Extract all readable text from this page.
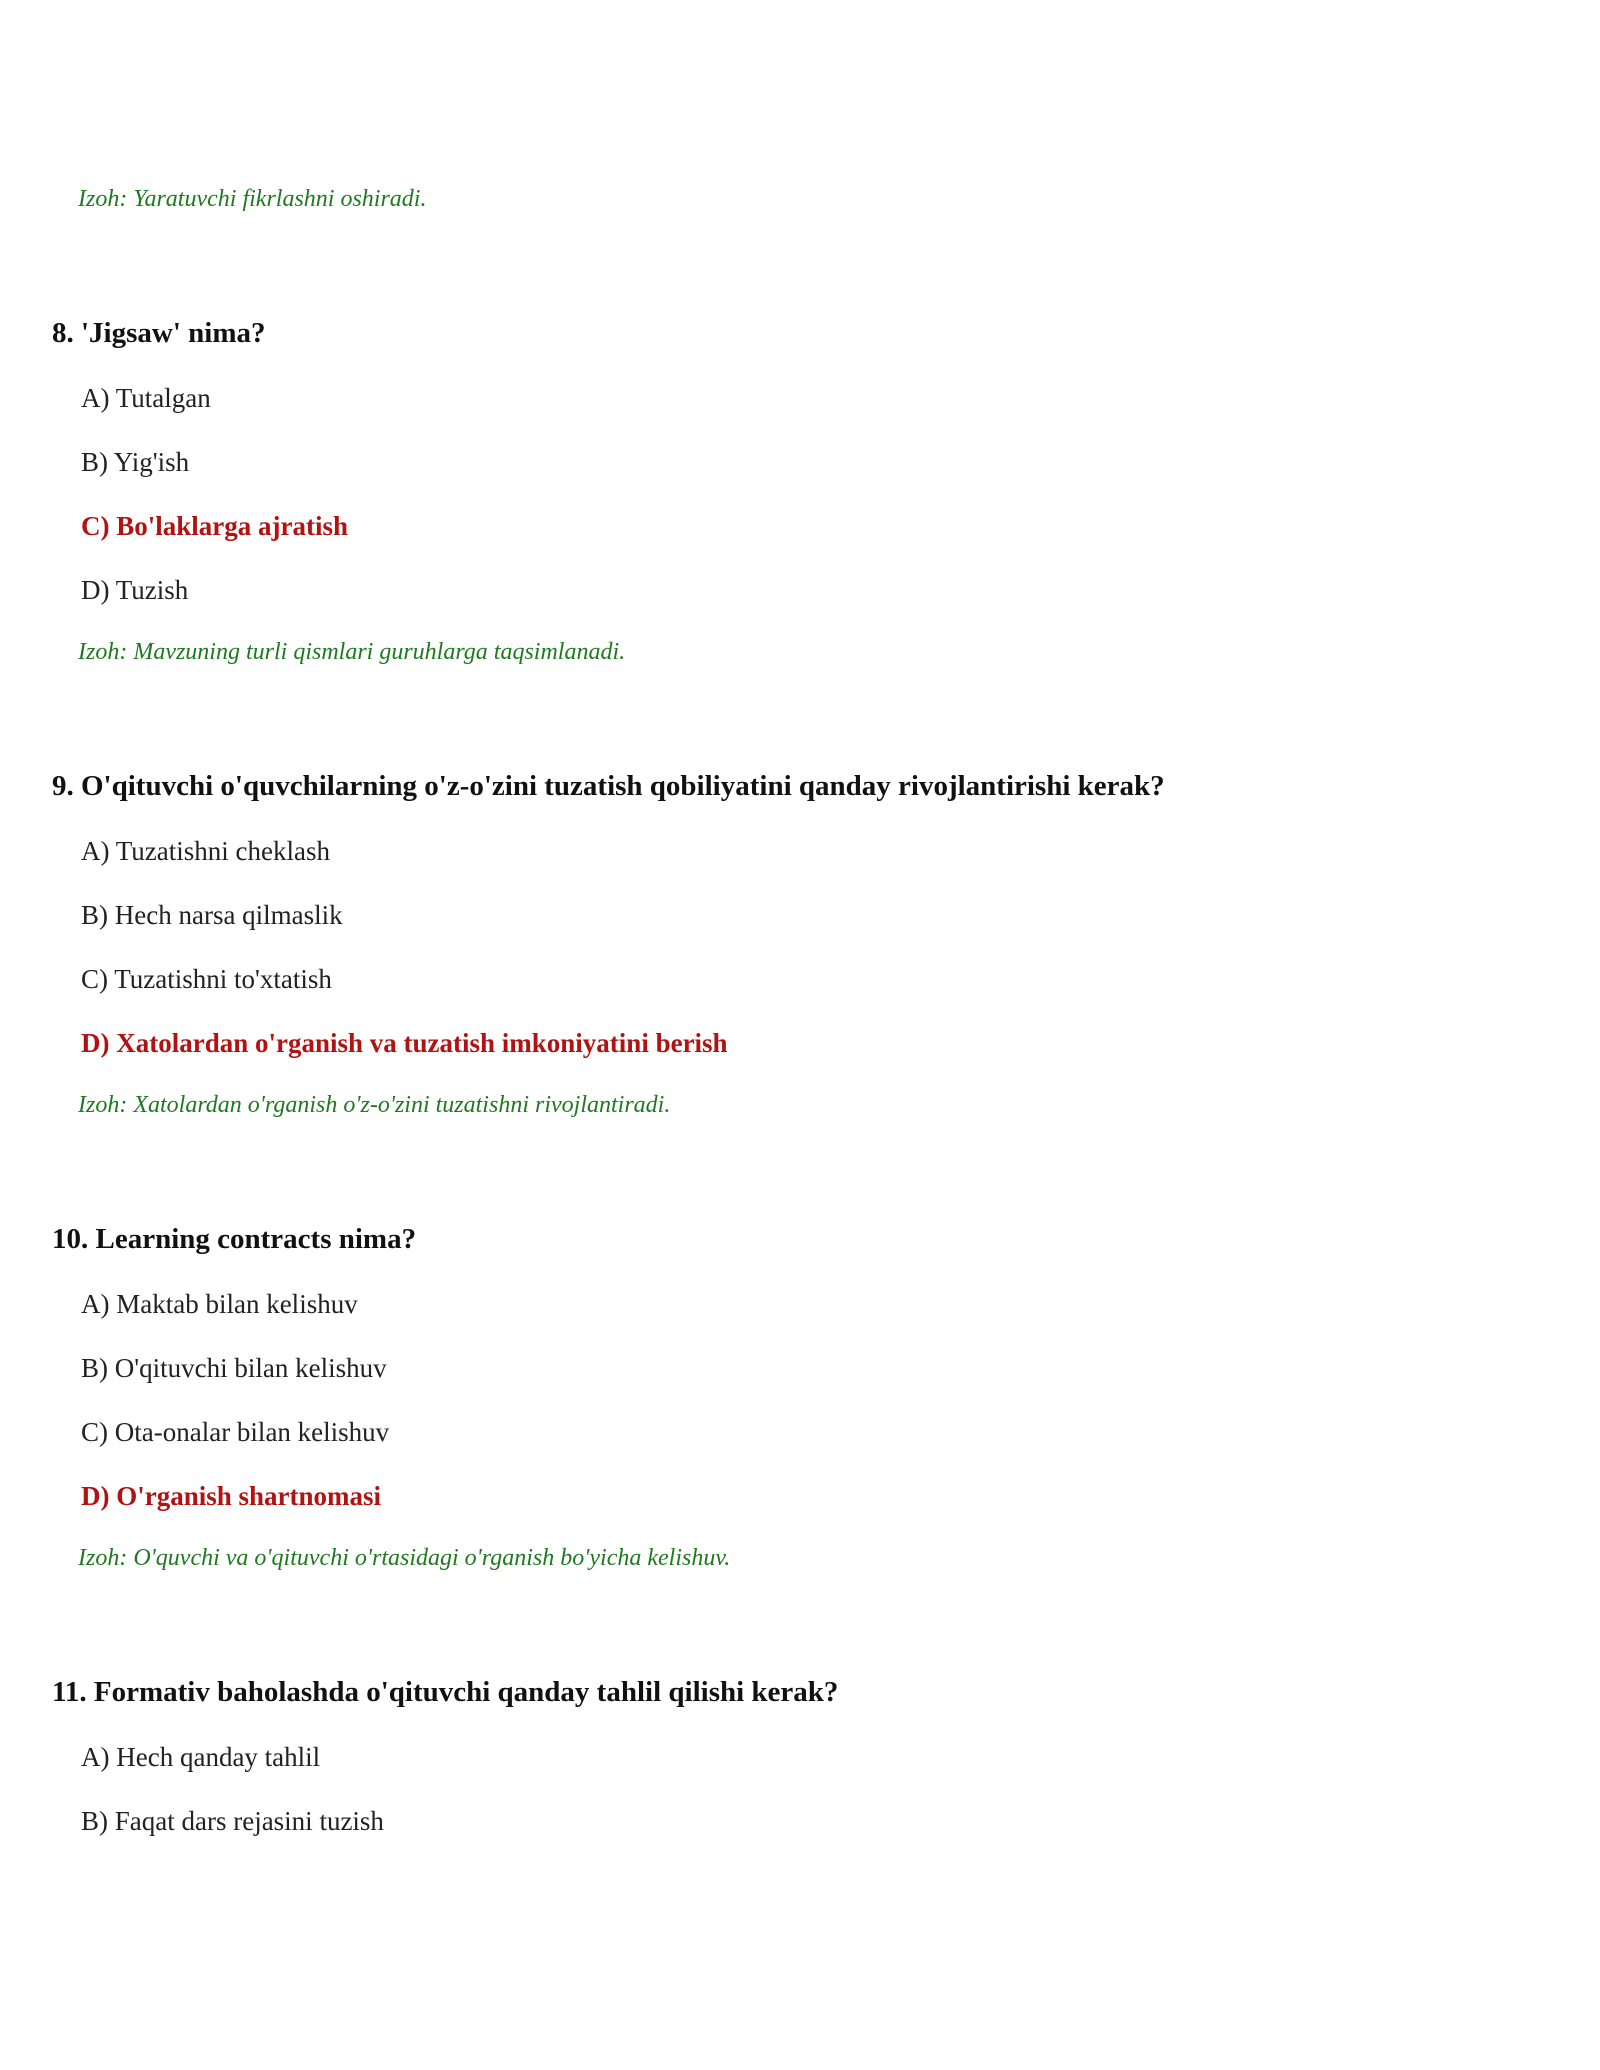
Izoh: Yaratuvchi fikrlashni oshiradi.
8. 'Jigsaw' nima?
A) Tutalgan
B) Yig'ish
C) Bo'laklarga ajratish
D) Tuzish
Izoh: Mavzuning turli qismlari guruhlarga taqsimlanadi.
9. O'qituvchi o'quvchilarning o'z-o'zini tuzatish qobiliyatini qanday rivojlantirishi kerak?
A) Tuzatishni cheklash
B) Hech narsa qilmaslik
C) Tuzatishni to'xtatish
D) Xatolardan o'rganish va tuzatish imkoniyatini berish
Izoh: Xatolardan o'rganish o'z-o'zini tuzatishni rivojlantiradi.
10. Learning contracts nima?
A) Maktab bilan kelishuv
B) O'qituvchi bilan kelishuv
C) Ota-onalar bilan kelishuv
D) O'rganish shartnomasi
Izoh: O'quvchi va o'qituvchi o'rtasidagi o'rganish bo'yicha kelishuv.
11. Formativ baholashda o'qituvchi qanday tahlil qilishi kerak?
A) Hech qanday tahlil
B) Faqat dars rejasini tuzish
